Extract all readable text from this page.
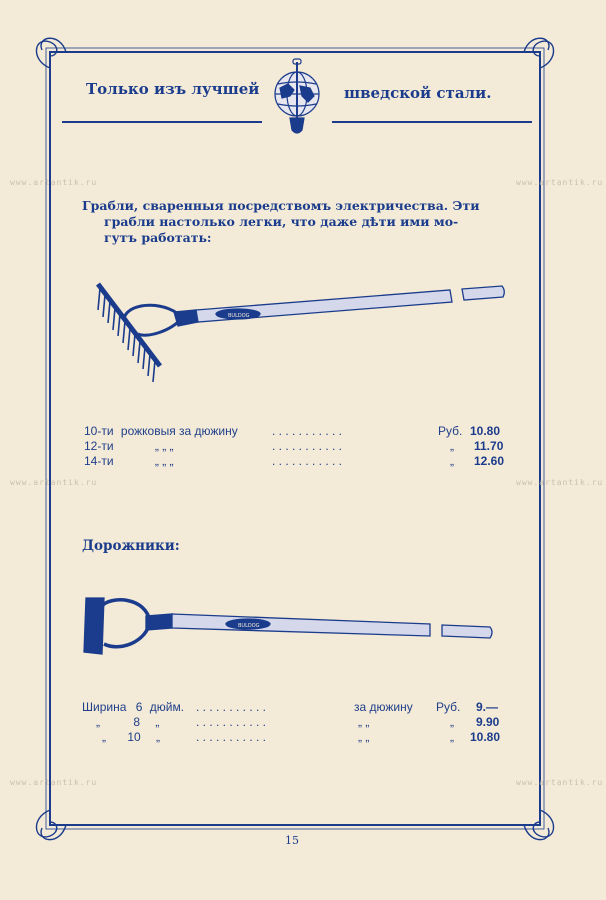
Только изъ лучшей	шведской стали.
www.artantik.ru	www.artantik.ru
www.artantik.ru	www.artantik.ru
www.artantik.ru	www.artantik.ru
Грабли, сваренныя посредствомъ электричества. Эти
грабли настолько легки, что даже дѣти ими мо-
гутъ работать:
BULDOG
10-ти рожковыя за дюжину	. . . . . . . . . . .	Руб. 10.80
12-ти	„ „ „	. . . . . . . . . . .	„ 11.70
14-ти	„ „ „	. . . . . . . . . . .	„ 12.60
Дорожники:
BULDOG
Ширина 6 дюйм. . . . . . . . . . . .	за дюжину Руб. 9.—
„	8 „	. . . . . . . . . . .	„ „	„ 9.90
„ 10 „	. . . . . . . . . . .	„ „	„ 10.80
15
